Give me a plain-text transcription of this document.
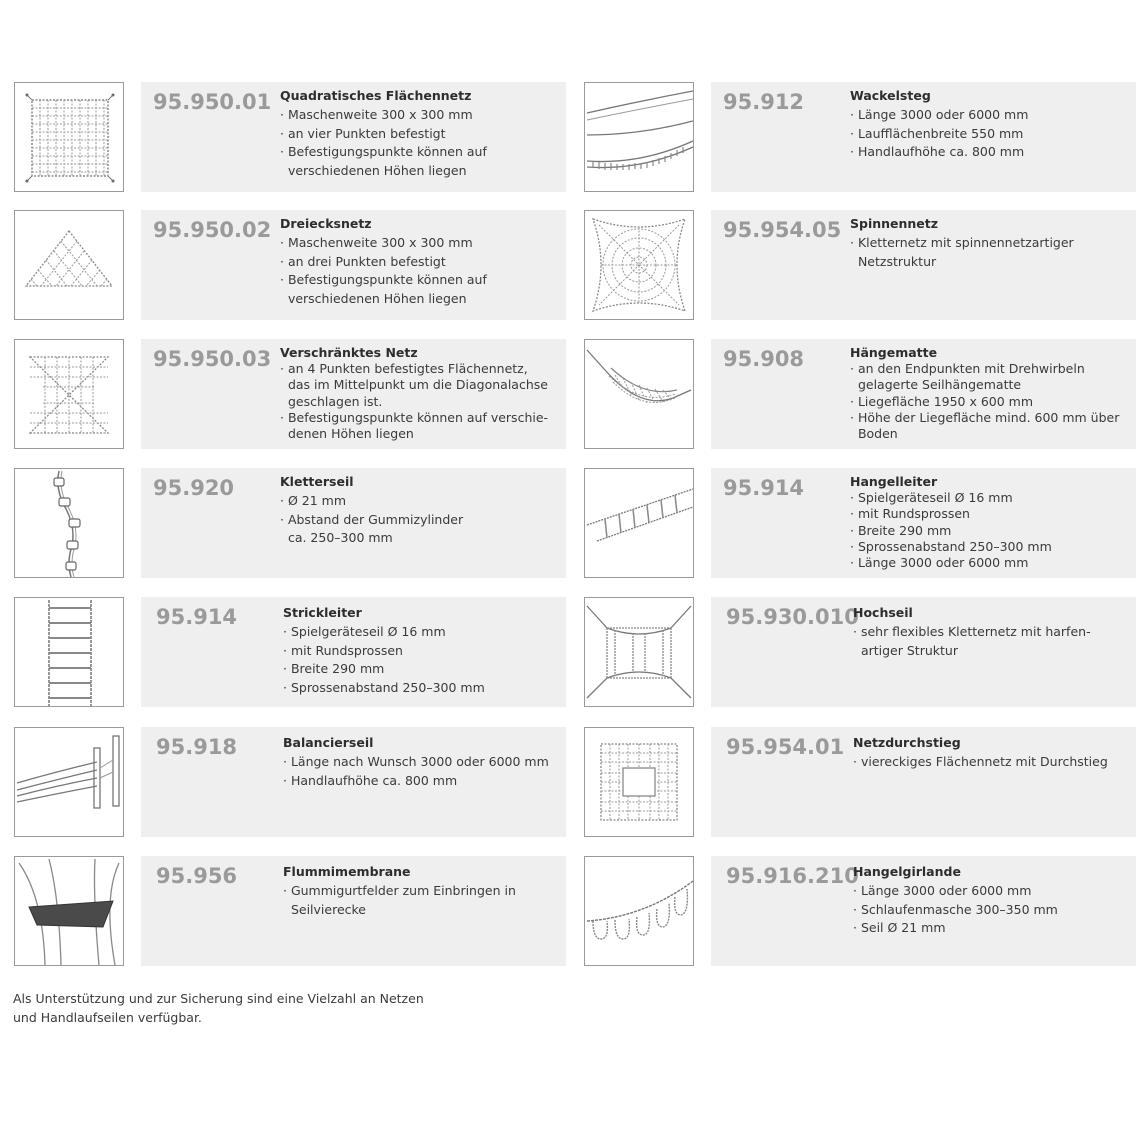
95.950.01 Quadratisches Flächennetz
· Maschenweite 300 x 300 mm
· an vier Punkten befestigt
· Befestigungspunkte können auf
verschiedenen Höhen liegen
95.912	Wackelsteg
· Länge 3000 oder 6000 mm
· Laufflächenbreite 550 mm
· Handlaufhöhe ca. 800 mm
95.950.02 Dreiecksnetz
· Maschenweite 300 x 300 mm
· an drei Punkten befestigt
· Befestigungspunkte können auf
verschiedenen Höhen liegen
95.954.05 Spinnennetz
· Kletternetz mit spinnennetzartiger
Netzstruktur
95.950.03 Verschränktes Netz
· an 4 Punkten befestigtes Flächennetz,
das im Mittelpunkt um die Diagonalachse
geschlagen ist.
· Befestigungspunkte können auf verschie-
denen Höhen liegen
95.908	Hängematte
· an den Endpunkten mit Drehwirbeln
gelagerte Seilhängematte
· Liegefläche 1950 x 600 mm
· Höhe der Liegefläche mind. 600 mm über
Boden
95.920	Kletterseil
· Ø 21 mm
· Abstand der Gummizylinder
ca. 250–300 mm
95.914	Hangelleiter
· Spielgeräteseil Ø 16 mm
· mit Rundsprossen
· Breite 290 mm
· Sprossenabstand 250–300 mm
· Länge 3000 oder 6000 mm
95.914	Strickleiter
· Spielgeräteseil Ø 16 mm
· mit Rundsprossen
· Breite 290 mm
· Sprossenabstand 250–300 mm
95.930.010
Hochseil
· sehr flexibles Kletternetz mit harfen-
artiger Struktur
95.918	Balancierseil
· Länge nach Wunsch 3000 oder 6000 mm
· Handlaufhöhe ca. 800 mm
95.954.01 Netzdurchstieg
· viereckiges Flächennetz mit Durchstieg
95.956	Flummimembrane
· Gummigurtfelder zum Einbringen in
Seilvierecke
95.916.210
Hangelgirlande
· Länge 3000 oder 6000 mm
· Schlaufenmasche 300–350 mm
· Seil Ø 21 mm
Als Unterstützung und zur Sicherung sind eine Vielzahl an Netzen
und Handlaufseilen verfügbar.
